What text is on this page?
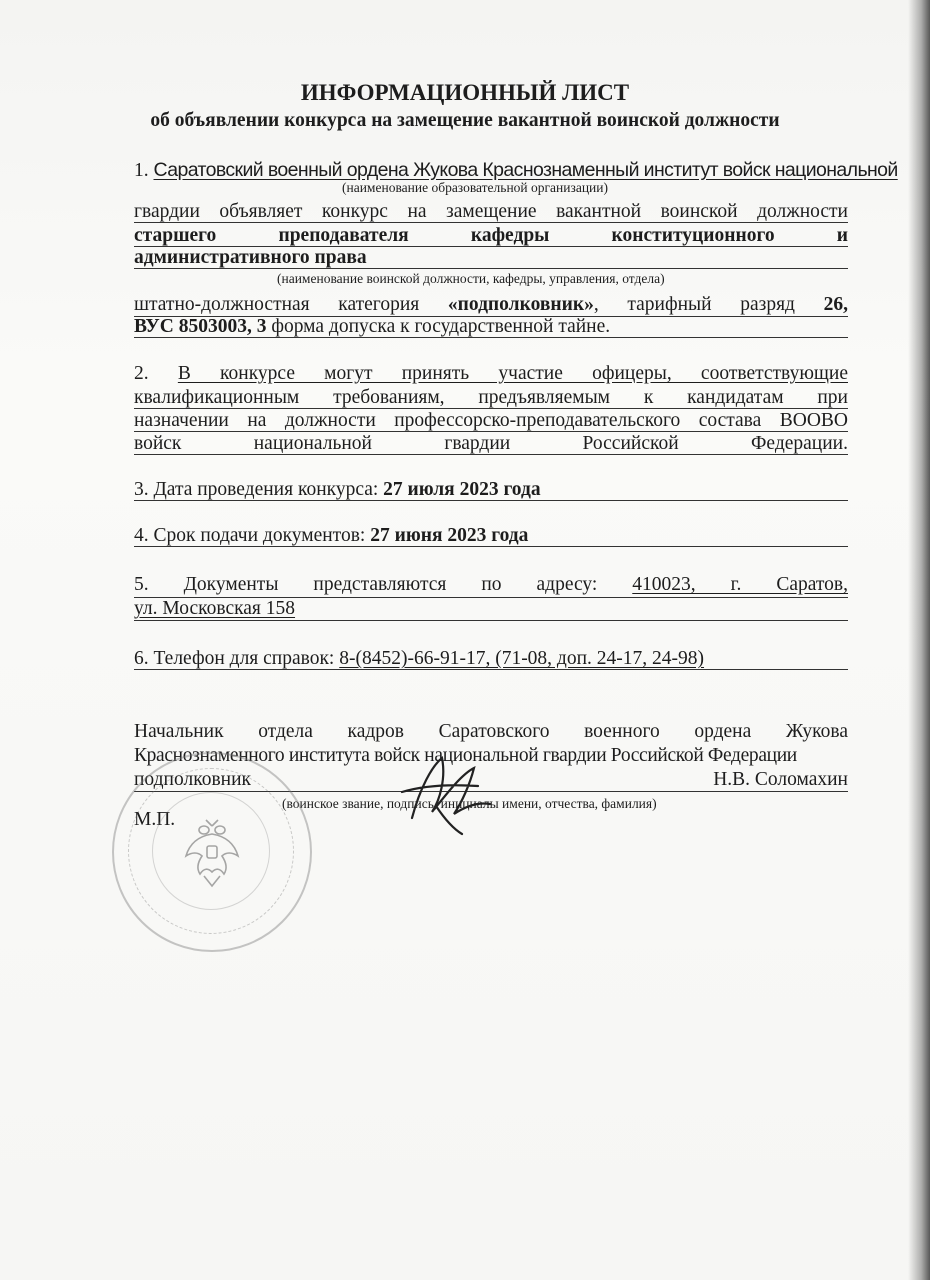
ИНФОРМАЦИОННЫЙ ЛИСТ
об объявлении конкурса на замещение вакантной воинской должности
1. Саратовский военный ордена Жукова Краснознаменный институт войск национальной
(наименование образовательной организации)
гвардии объявляет конкурс на замещение вакантной воинской должности
старшего	преподавателя	кафедры	конституционного	и
административного права
(наименование воинской должности, кафедры, управления, отдела)
штатно-должностная категория «подполковник», тарифный разряд 26,
ВУС 8503003, 3 форма допуска к государственной тайне.
2. В конкурсе могут принять участие офицеры, соответствующие
квалификационным требованиям, предъявляемым к кандидатам при
назначении на должности профессорско-преподавательского состава ВООВО
войск национальной гвардии Российской Федерации.
3. Дата проведения конкурса: 27 июля 2023 года
4. Срок подачи документов: 27 июня 2023 года
5. Документы представляются по адресу: 410023, г. Саратов,
ул. Московская 158
6. Телефон для справок: 8-(8452)-66-91-17, (71-08, доп. 24-17, 24-98)
Начальник отдела кадров Саратовского военного ордена Жукова
Краснознаменного института войск национальной гвардии Российской Федерации
подполковник	Н.В. Соломахин
(воинское звание, подпись, инициалы имени, отчества, фамилия)
М.П.
